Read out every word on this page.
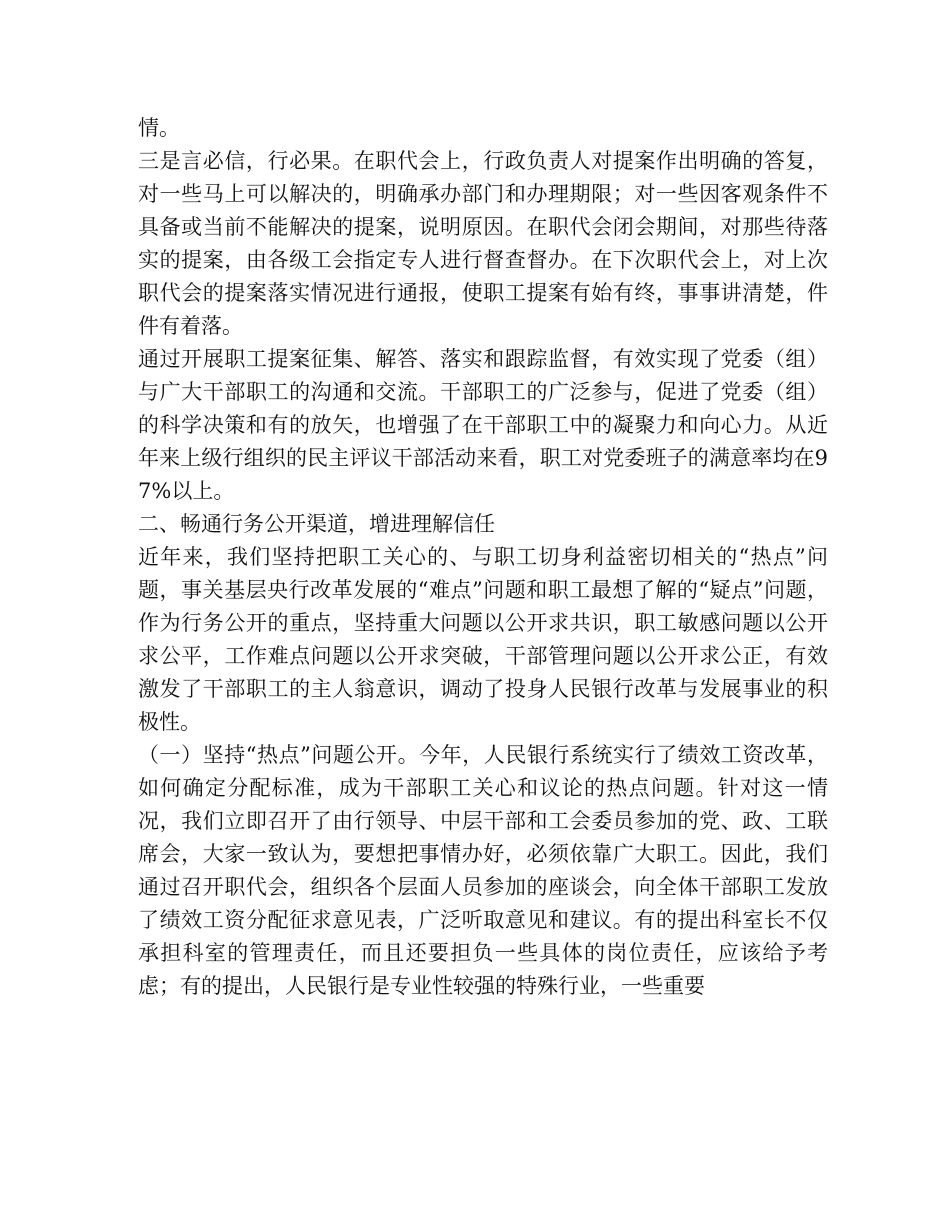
情。

三是言必信，行必果。在职代会上，行政负责人对提案作出明确的答复，对一些马上可以解决的，明确承办部门和办理期限；对一些因客观条件不具备或当前不能解决的提案，说明原因。在职代会闭会期间，对那些待落实的提案，由各级工会指定专人进行督查督办。在下次职代会上，对上次职代会的提案落实情况进行通报，使职工提案有始有终，事事讲清楚，件件有着落。

通过开展职工提案征集、解答、落实和跟踪监督，有效实现了党委（组）与广大干部职工的沟通和交流。干部职工的广泛参与，促进了党委（组）的科学决策和有的放矢，也增强了在干部职工中的凝聚力和向心力。从近年来上级行组织的民主评议干部活动来看，职工对党委班子的满意率均在97%以上。

二、畅通行务公开渠道，增进理解信任

近年来，我们坚持把职工关心的、与职工切身利益密切相关的“热点”问题，事关基层央行改革发展的“难点”问题和职工最想了解的“疑点”问题，作为行务公开的重点，坚持重大问题以公开求共识，职工敏感问题以公开求公平，工作难点问题以公开求突破，干部管理问题以公开求公正，有效激发了干部职工的主人翁意识，调动了投身人民银行改革与发展事业的积极性。

（一）坚持“热点”问题公开。今年，人民银行系统实行了绩效工资改革，如何确定分配标准，成为干部职工关心和议论的热点问题。针对这一情况，我们立即召开了由行领导、中层干部和工会委员参加的党、政、工联席会，大家一致认为，要想把事情办好，必须依靠广大职工。因此，我们通过召开职代会，组织各个层面人员参加的座谈会，向全体干部职工发放了绩效工资分配征求意见表，广泛听取意见和建议。有的提出科室长不仅承担科室的管理责任，而且还要担负一些具体的岗位责任，应该给予考虑；有的提出，人民银行是专业性较强的特殊行业，一些重要
